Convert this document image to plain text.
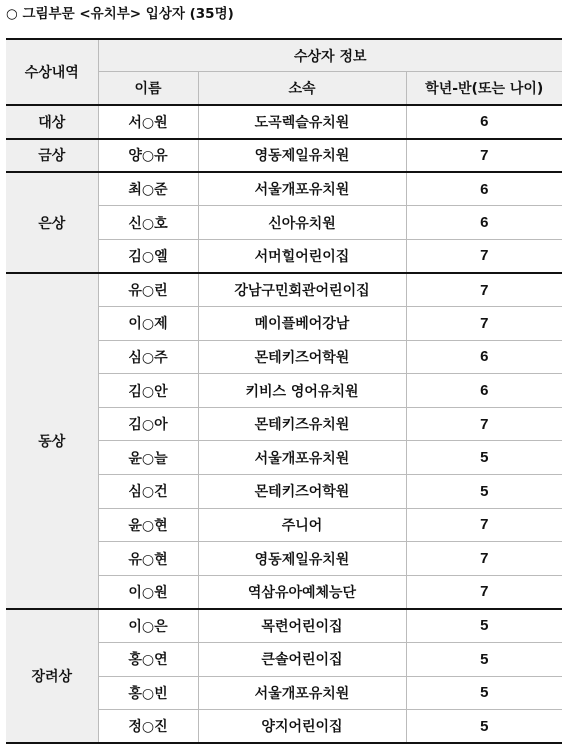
○ 그림부문 <유치부> 입상자 (35명)
수상내역	수상자 정보		
	이름	소속	학년-반(또는 나이)
대상	서○원	도곡렉슬유치원	6
금상	양○유	영동제일유치원	7
은상	최○준	서울개포유치원	6
	신○호	신아유치원	6
	김○엘	서머힐어린이집	7
동상	유○린	강남구민회관어린이집	7
	이○제	메이플베어강남	7
	심○주	몬테키즈어학원	6
	김○안	키비스 영어유치원	6
	김○아	몬테키즈유치원	7
	윤○늘	서울개포유치원	5
	심○건	몬테키즈어학원	5
	윤○현	주니어	7
	유○현	영동제일유치원	7
	이○원	역삼유아예체능단	7
장려상	이○은	목련어린이집	5
	홍○연	큰솔어린이집	5
	홍○빈	서울개포유치원	5
	정○진	양지어린이집	5
